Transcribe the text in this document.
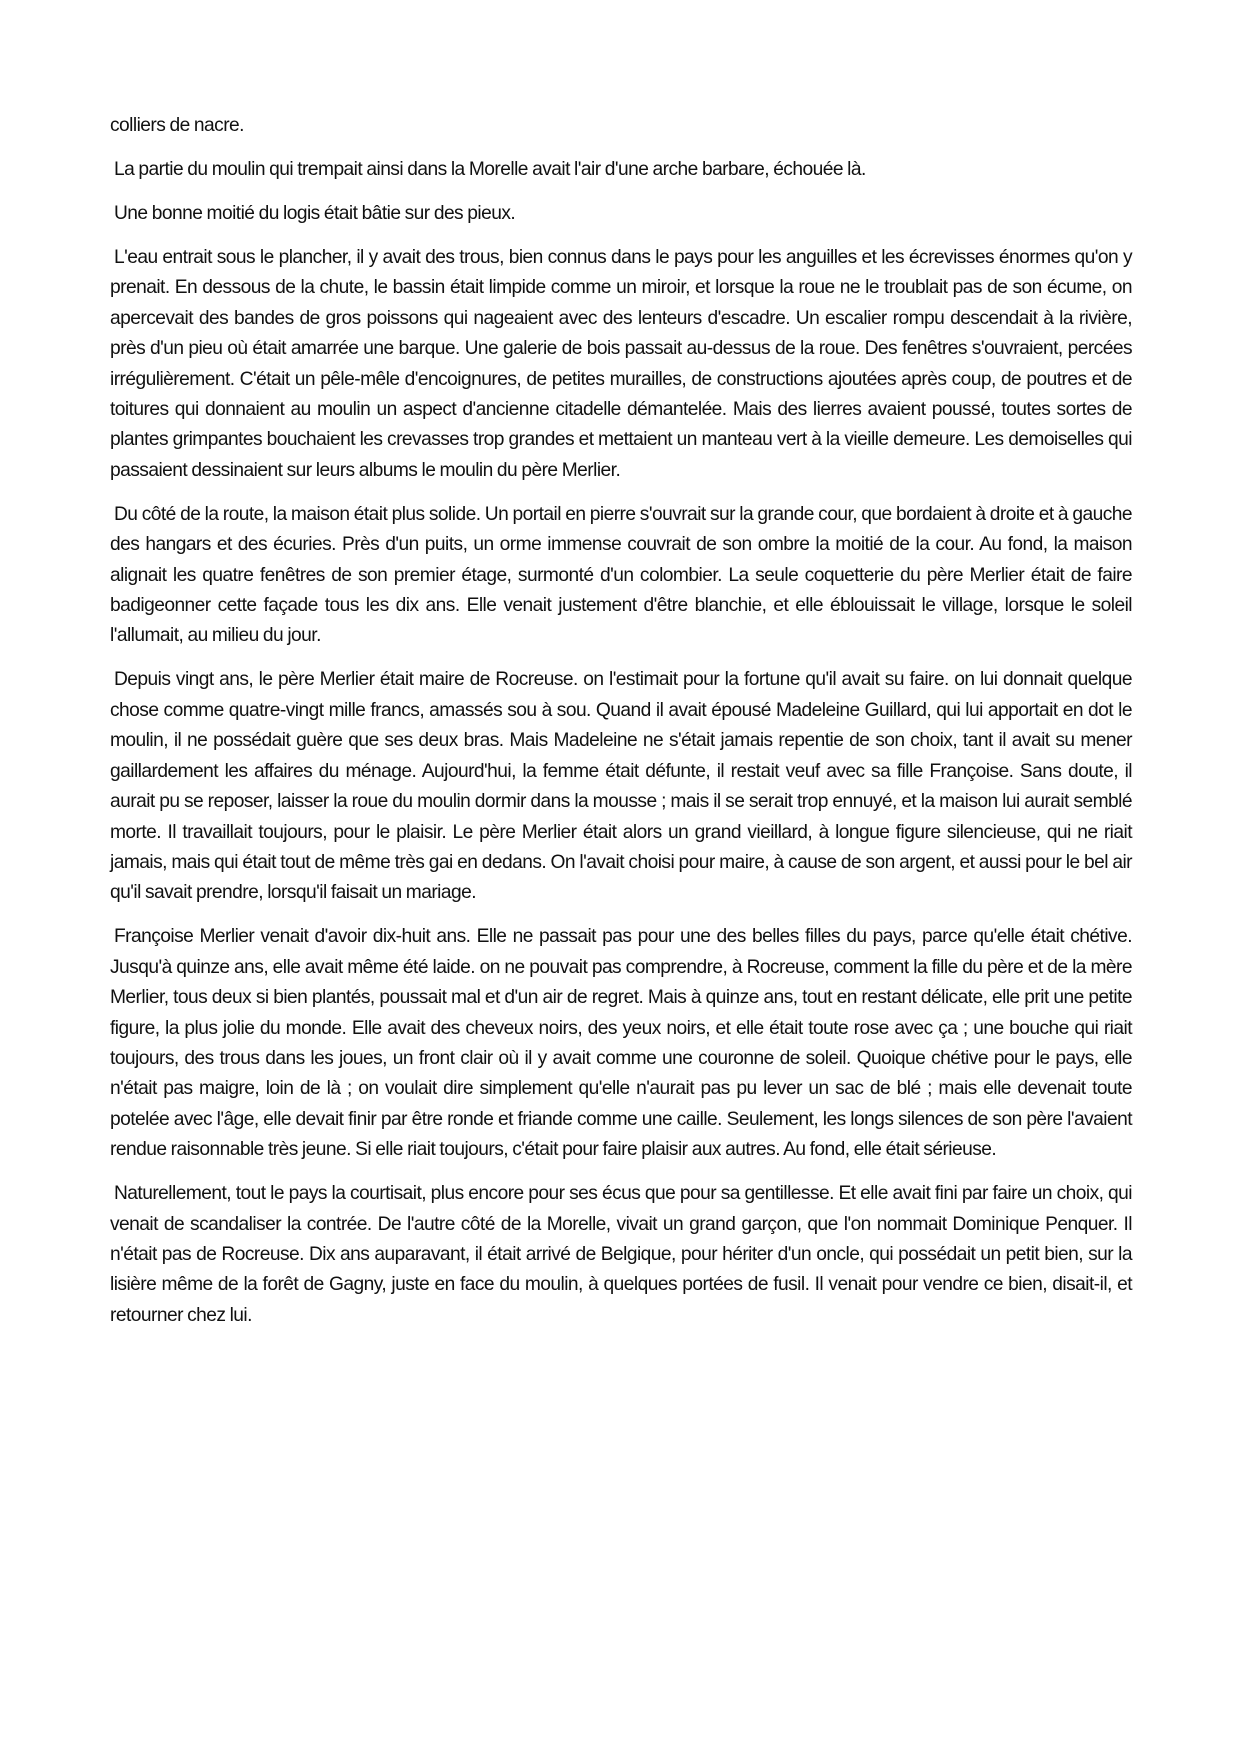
colliers de nacre.

La partie du moulin qui trempait ainsi dans la Morelle avait l'air d'une arche barbare, échouée là.

Une bonne moitié du logis était bâtie sur des pieux.

L'eau entrait sous le plancher, il y avait des trous, bien connus dans le pays pour les anguilles et les écrevisses énormes qu'on y prenait. En dessous de la chute, le bassin était limpide comme un miroir, et lorsque la roue ne le troublait pas de son écume, on apercevait des bandes de gros poissons qui nageaient avec des lenteurs d'escadre. Un escalier rompu descendait à la rivière, près d'un pieu où était amarrée une barque. Une galerie de bois passait au-dessus de la roue. Des fenêtres s'ouvraient, percées irrégulièrement. C'était un pêle-mêle d'encoignures, de petites murailles, de constructions ajoutées après coup, de poutres et de toitures qui donnaient au moulin un aspect d'ancienne citadelle démantelée. Mais des lierres avaient poussé, toutes sortes de plantes grimpantes bouchaient les crevasses trop grandes et mettaient un manteau vert à la vieille demeure. Les demoiselles qui passaient dessinaient sur leurs albums le moulin du père Merlier.

Du côté de la route, la maison était plus solide. Un portail en pierre s'ouvrait sur la grande cour, que bordaient à droite et à gauche des hangars et des écuries. Près d'un puits, un orme immense couvrait de son ombre la moitié de la cour. Au fond, la maison alignait les quatre fenêtres de son premier étage, surmonté d'un colombier. La seule coquetterie du père Merlier était de faire badigeonner cette façade tous les dix ans. Elle venait justement d'être blanchie, et elle éblouissait le village, lorsque le soleil l'allumait, au milieu du jour.

Depuis vingt ans, le père Merlier était maire de Rocreuse. on l'estimait pour la fortune qu'il avait su faire. on lui donnait quelque chose comme quatre-vingt mille francs, amassés sou à sou. Quand il avait épousé Madeleine Guillard, qui lui apportait en dot le moulin, il ne possédait guère que ses deux bras. Mais Madeleine ne s'était jamais repentie de son choix, tant il avait su mener gaillardement les affaires du ménage. Aujourd'hui, la femme était défunte, il restait veuf avec sa fille Françoise. Sans doute, il aurait pu se reposer, laisser la roue du moulin dormir dans la mousse ; mais il se serait trop ennuyé, et la maison lui aurait semblé morte. Il travaillait toujours, pour le plaisir. Le père Merlier était alors un grand vieillard, à longue figure silencieuse, qui ne riait jamais, mais qui était tout de même très gai en dedans. On l'avait choisi pour maire, à cause de son argent, et aussi pour le bel air qu'il savait prendre, lorsqu'il faisait un mariage.

Françoise Merlier venait d'avoir dix-huit ans. Elle ne passait pas pour une des belles filles du pays, parce qu'elle était chétive. Jusqu'à quinze ans, elle avait même été laide. on ne pouvait pas comprendre, à Rocreuse, comment la fille du père et de la mère Merlier, tous deux si bien plantés, poussait mal et d'un air de regret. Mais à quinze ans, tout en restant délicate, elle prit une petite figure, la plus jolie du monde. Elle avait des cheveux noirs, des yeux noirs, et elle était toute rose avec ça ; une bouche qui riait toujours, des trous dans les joues, un front clair où il y avait comme une couronne de soleil. Quoique chétive pour le pays, elle n'était pas maigre, loin de là ; on voulait dire simplement qu'elle n'aurait pas pu lever un sac de blé ; mais elle devenait toute potelée avec l'âge, elle devait finir par être ronde et friande comme une caille. Seulement, les longs silences de son père l'avaient rendue raisonnable très jeune. Si elle riait toujours, c'était pour faire plaisir aux autres. Au fond, elle était sérieuse.

Naturellement, tout le pays la courtisait, plus encore pour ses écus que pour sa gentillesse. Et elle avait fini par faire un choix, qui venait de scandaliser la contrée. De l'autre côté de la Morelle, vivait un grand garçon, que l'on nommait Dominique Penquer. Il n'était pas de Rocreuse. Dix ans auparavant, il était arrivé de Belgique, pour hériter d'un oncle, qui possédait un petit bien, sur la lisière même de la forêt de Gagny, juste en face du moulin, à quelques portées de fusil. Il venait pour vendre ce bien, disait-il, et retourner chez lui.
